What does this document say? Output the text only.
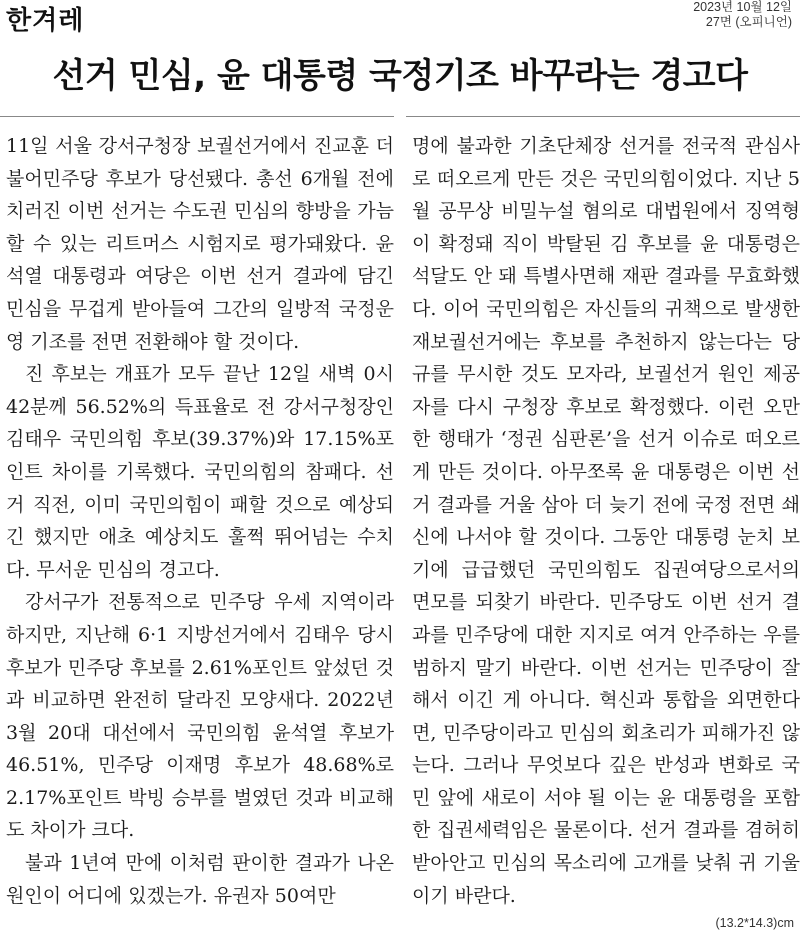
한겨레	2023년 10월 12일
27면 (오피니언)
선거 민심, 윤 대통령 국정기조 바꾸라는 경고다

11일 서울 강서구청장 보궐선거에서 진교훈 더불어민주당 후보가 당선됐다. 총선 6개월 전에 치러진 이번 선거는 수도권 민심의 향방을 가늠할 수 있는 리트머스 시험지로 평가돼왔다. 윤석열 대통령과 여당은 이번 선거 결과에 담긴 민심을 무겁게 받아들여 그간의 일방적 국정운영 기조를 전면 전환해야 할 것이다.

진 후보는 개표가 모두 끝난 12일 새벽 0시42분께 56.52%의 득표율로 전 강서구청장인 김태우 국민의힘 후보(39.37%)와 17.15%포인트 차이를 기록했다. 국민의힘의 참패다. 선거 직전, 이미 국민의힘이 패할 것으로 예상되긴 했지만 애초 예상치도 훌쩍 뛰어넘는 수치다. 무서운 민심의 경고다.

강서구가 전통적으로 민주당 우세 지역이라 하지만, 지난해 6·1 지방선거에서 김태우 당시 후보가 민주당 후보를 2.61%포인트 앞섰던 것과 비교하면 완전히 달라진 모양새다. 2022년 3월 20대 대선에서 국민의힘 윤석열 후보가 46.51%, 민주당 이재명 후보가 48.68%로 2.17%포인트 박빙 승부를 벌였던 것과 비교해도 차이가 크다.

불과 1년여 만에 이처럼 판이한 결과가 나온 원인이 어디에 있겠는가. 유권자 50여만

명에 불과한 기초단체장 선거를 전국적 관심사로 떠오르게 만든 것은 국민의힘이었다. 지난 5월 공무상 비밀누설 혐의로 대법원에서 징역형이 확정돼 직이 박탈된 김 후보를 윤 대통령은 석달도 안 돼 특별사면해 재판 결과를 무효화했다. 이어 국민의힘은 자신들의 귀책으로 발생한 재보궐선거에는 후보를 추천하지 않는다는 당규를 무시한 것도 모자라, 보궐선거 원인 제공자를 다시 구청장 후보로 확정했다. 이런 오만한 행태가 ‘정권 심판론’을 선거 이슈로 떠오르게 만든 것이다. 아무쪼록 윤 대통령은 이번 선거 결과를 거울 삼아 더 늦기 전에 국정 전면 쇄신에 나서야 할 것이다. 그동안 대통령 눈치 보기에 급급했던 국민의힘도 집권여당으로서의 면모를 되찾기 바란다. 민주당도 이번 선거 결과를 민주당에 대한 지지로 여겨 안주하는 우를 범하지 말기 바란다. 이번 선거는 민주당이 잘해서 이긴 게 아니다. 혁신과 통합을 외면한다면, 민주당이라고 민심의 회초리가 피해가진 않는다. 그러나 무엇보다 깊은 반성과 변화로 국민 앞에 새로이 서야 될 이는 윤 대통령을 포함한 집권세력임은 물론이다. 선거 결과를 겸허히 받아안고 민심의 목소리에 고개를 낮춰 귀 기울이기 바란다.

(13.2*14.3)cm
